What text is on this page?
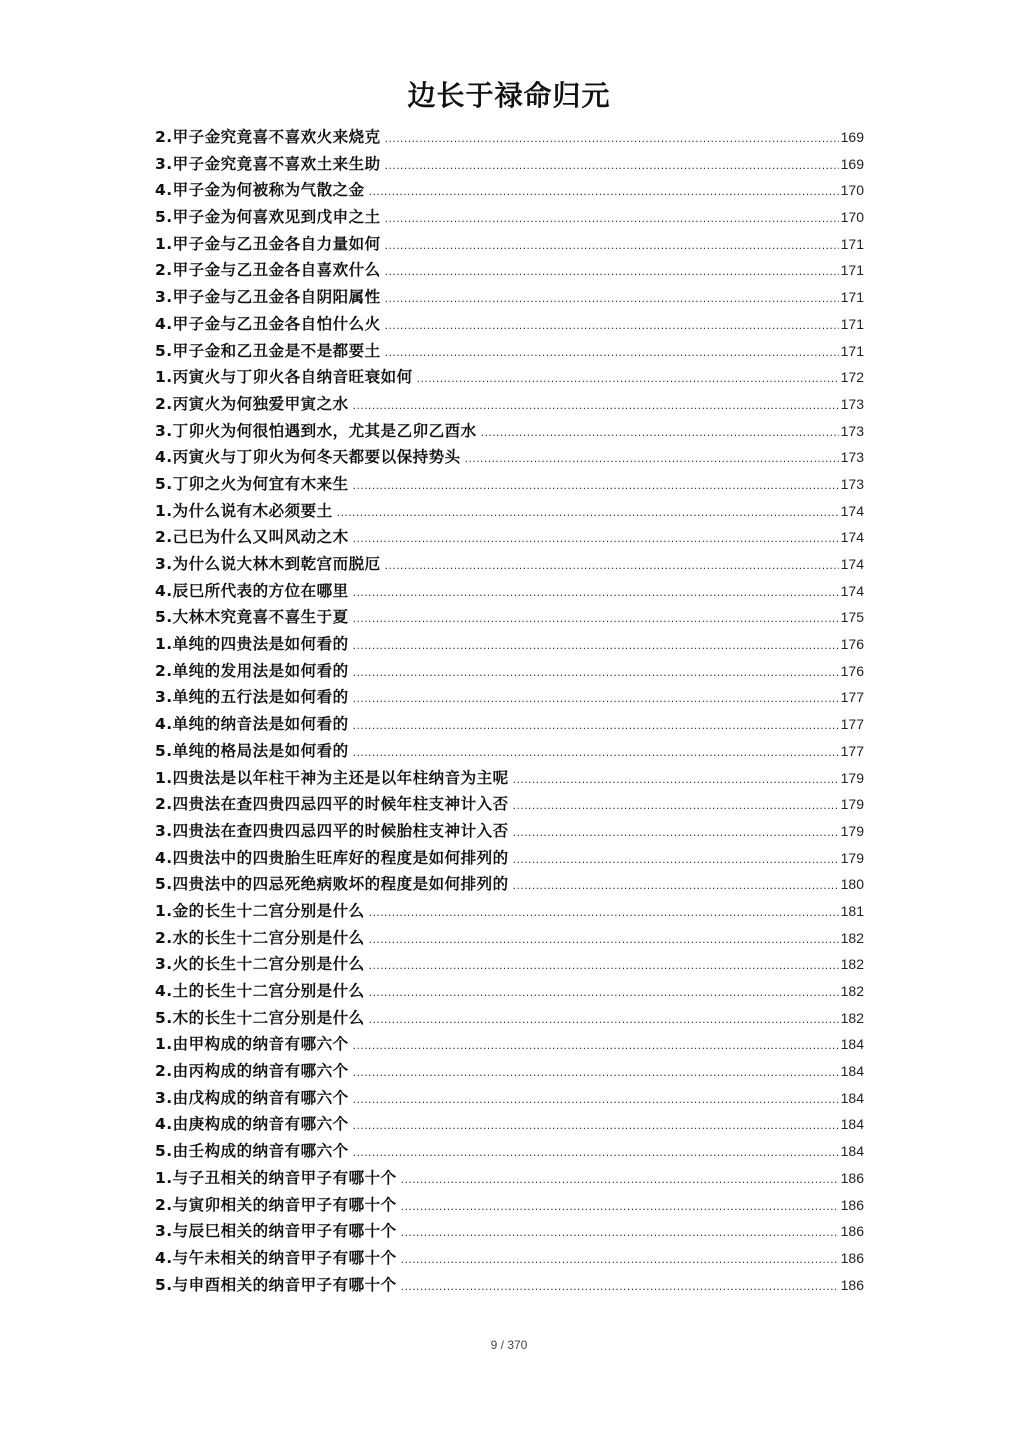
边长于禄命归元
2.甲子金究竟喜不喜欢火来烧克 .....	169
3.甲子金究竟喜不喜欢土来生助 .....	169
4.甲子金为何被称为气散之金 .....	170
5.甲子金为何喜欢见到戊申之土 .....	170
1.甲子金与乙丑金各自力量如何 .....	171
2.甲子金与乙丑金各自喜欢什么 .....	171
3.甲子金与乙丑金各自阴阳属性 .....	171
4.甲子金与乙丑金各自怕什么火 .....	171
5.甲子金和乙丑金是不是都要土 .....	171
1.丙寅火与丁卯火各自纳音旺衰如何 .....	172
2.丙寅火为何独爱甲寅之水 .....	173
3.丁卯火为何很怕遇到水，尤其是乙卯乙酉水 .....	173
4.丙寅火与丁卯火为何冬天都要以保持势头 .....	173
5.丁卯之火为何宜有木来生 .....	173
1.为什么说有木必须要土 .....	174
2.己巳为什么又叫风动之木 .....	174
3.为什么说大林木到乾宫而脱厄 .....	174
4.辰巳所代表的方位在哪里 .....	174
5.大林木究竟喜不喜生于夏 .....	175
1.单纯的四贵法是如何看的 .....	176
2.单纯的发用法是如何看的 .....	176
3.单纯的五行法是如何看的 .....	177
4.单纯的纳音法是如何看的 .....	177
5.单纯的格局法是如何看的 .....	177
1.四贵法是以年柱干神为主还是以年柱纳音为主呢 .....	179
2.四贵法在查四贵四忌四平的时候年柱支神计入否 .....	179
3.四贵法在查四贵四忌四平的时候胎柱支神计入否 .....	179
4.四贵法中的四贵胎生旺库好的程度是如何排列的 .....	179
5.四贵法中的四忌死绝病败坏的程度是如何排列的 .....	180
1.金的长生十二宫分别是什么 .....	181
2.水的长生十二宫分别是什么 .....	182
3.火的长生十二宫分别是什么 .....	182
4.土的长生十二宫分别是什么 .....	182
5.木的长生十二宫分别是什么 .....	182
1.由甲构成的纳音有哪六个 .....	184
2.由丙构成的纳音有哪六个 .....	184
3.由戊构成的纳音有哪六个 .....	184
4.由庚构成的纳音有哪六个 .....	184
5.由壬构成的纳音有哪六个 .....	184
1.与子丑相关的纳音甲子有哪十个 .....	186
2.与寅卯相关的纳音甲子有哪十个 .....	186
3.与辰巳相关的纳音甲子有哪十个 .....	186
4.与午未相关的纳音甲子有哪十个 .....	186
5.与申酉相关的纳音甲子有哪十个 .....	186
9 / 370
